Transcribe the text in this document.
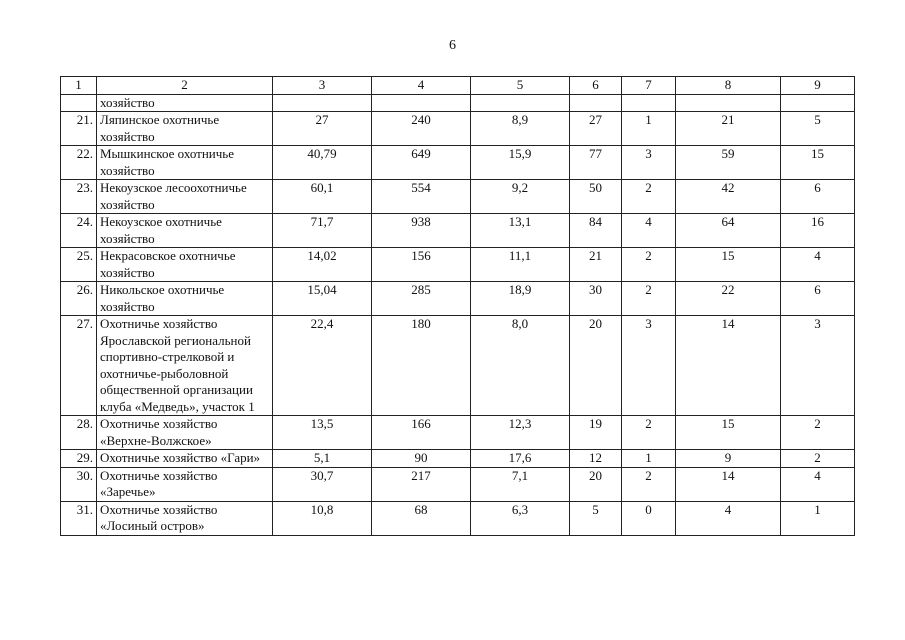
6
1	2	3	4	5	6	7	8	9
	хозяйство							
21.	Ляпинское охотничье хозяйство	27	240	8,9	27	1	21	5
22.	Мышкинское охотничье хозяйство	40,79	649	15,9	77	3	59	15
23.	Некоузское лесоохотничье хозяйство	60,1	554	9,2	50	2	42	6
24.	Некоузское охотничье хозяйство	71,7	938	13,1	84	4	64	16
25.	Некрасовское охотничье хозяйство	14,02	156	11,1	21	2	15	4
26.	Никольское охотничье хозяйство	15,04	285	18,9	30	2	22	6
27.	Охотничье хозяйство Ярославской региональной спортивно-стрелковой и охотничье-рыболовной общественной организации клуба «Медведь», участок 1	22,4	180	8,0	20	3	14	3
28.	Охотничье хозяйство «Верхне-Волжское»	13,5	166	12,3	19	2	15	2
29.	Охотничье хозяйство «Гари»	5,1	90	17,6	12	1	9	2
30.	Охотничье хозяйство «Заречье»	30,7	217	7,1	20	2	14	4
31.	Охотничье хозяйство «Лосиный остров»	10,8	68	6,3	5	0	4	1
